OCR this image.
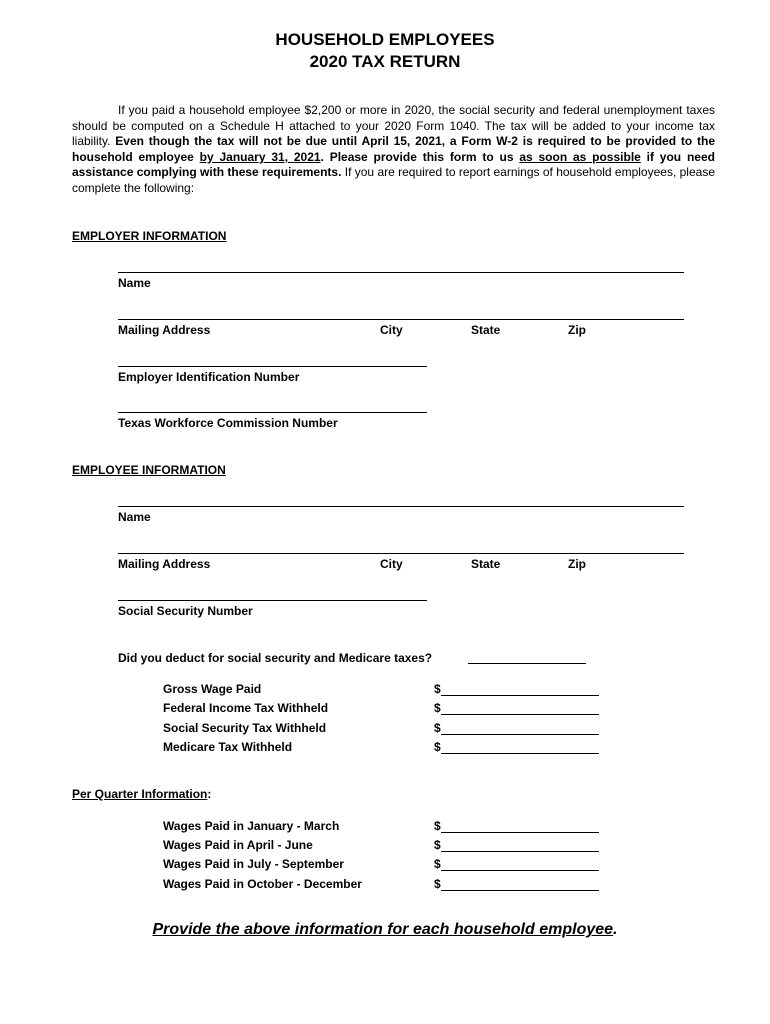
HOUSEHOLD EMPLOYEES
2020 TAX RETURN
If you paid a household employee $2,200 or more in 2020, the social security and federal unemployment taxes should be computed on a Schedule H attached to your 2020 Form 1040. The tax will be added to your income tax liability. Even though the tax will not be due until April 15, 2021, a Form W-2 is required to be provided to the household employee by January 31, 2021. Please provide this form to us as soon as possible if you need assistance complying with these requirements. If you are required to report earnings of household employees, please complete the following:
EMPLOYER INFORMATION
Name
Mailing Address	City	State	Zip
Employer Identification Number
Texas Workforce Commission Number
EMPLOYEE INFORMATION
Name
Mailing Address	City	State	Zip
Social Security Number
Did you deduct for social security and Medicare taxes?
Gross Wage Paid	$
Federal Income Tax Withheld	$
Social Security Tax Withheld	$
Medicare Tax Withheld	$
Per Quarter Information:
Wages Paid in January - March	$
Wages Paid in April - June	$
Wages Paid in July - September	$
Wages Paid in October - December	$
Provide the above information for each household employee.
